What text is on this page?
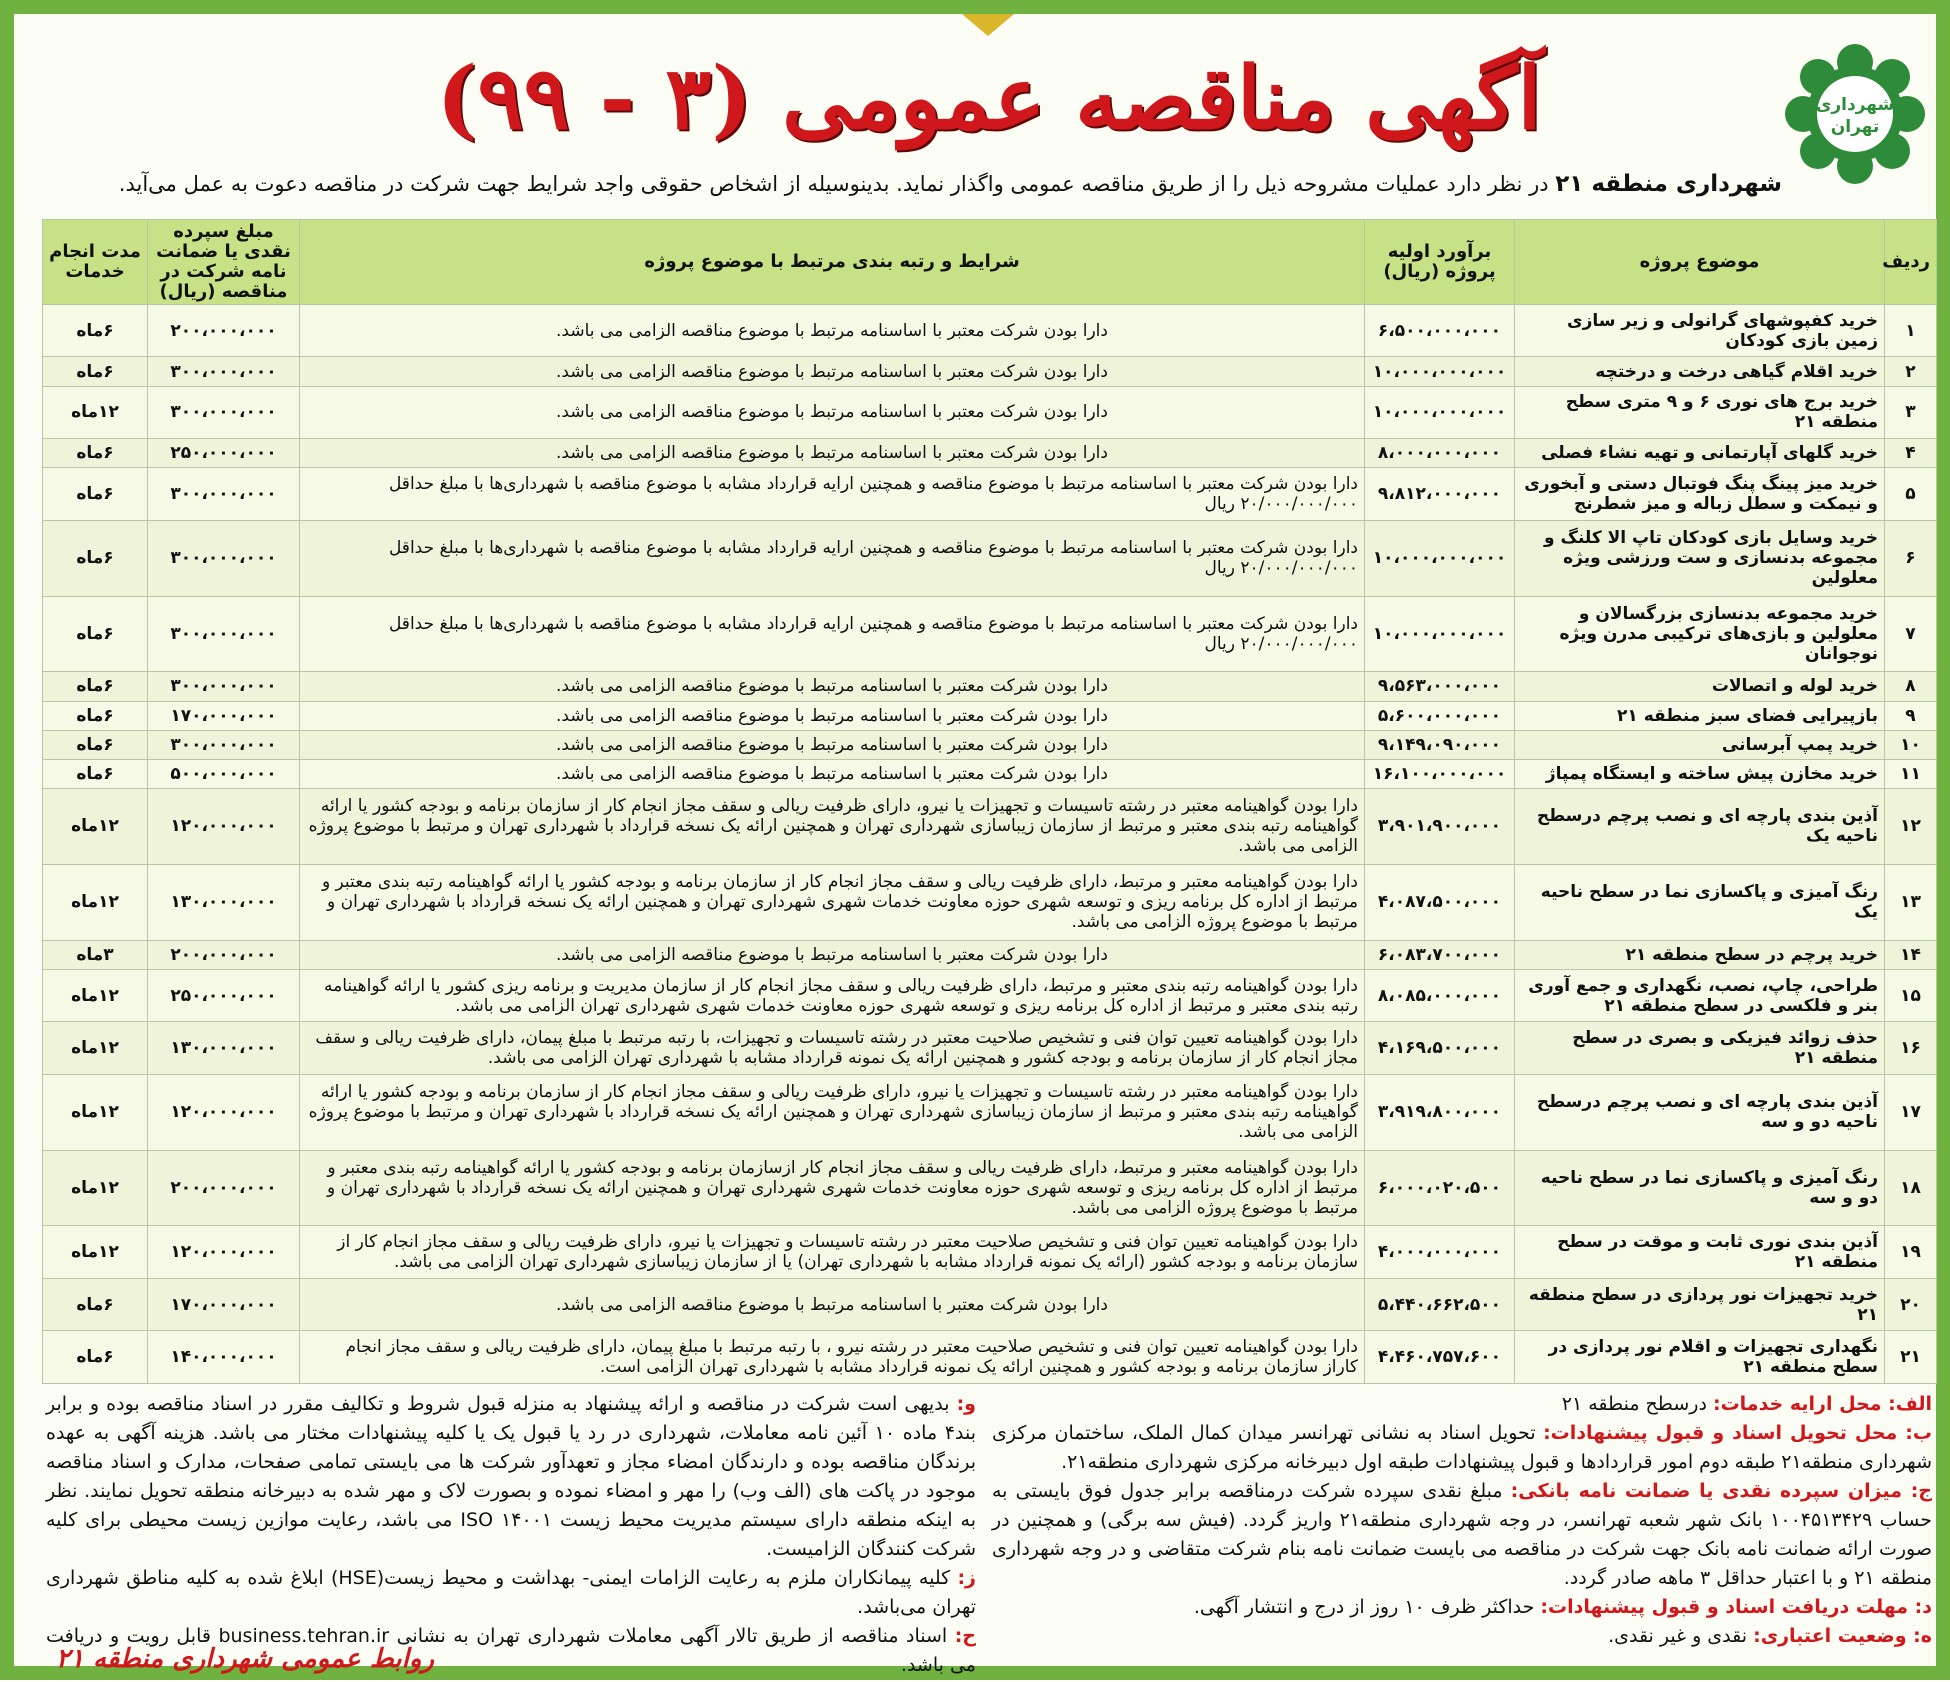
شهرداری
تهران
آگهی مناقصه عمومی (۳ - ۹۹)
شهرداری منطقه ۲۱ در نظر دارد عملیات مشروحه ذیل را از طریق مناقصه عمومی واگذار نماید. بدینوسیله از اشخاص حقوقی واجد شرایط جهت شرکت در مناقصه دعوت به عمل می‌آید.
ردیف	موضوع پروژه	برآورد اولیه پروژه (ریال)	شرایط و رتبه بندی مرتبط با موضوع پروژه	مبلغ سپرده نقدی یا ضمانت نامه شرکت در مناقصه (ریال)	مدت انجام خدمات
۱	خرید کفپوشهای گرانولی و زیر سازی زمین بازی کودکان	۶،۵۰۰،۰۰۰،۰۰۰	دارا بودن شرکت معتبر با اساسنامه مرتبط با موضوع مناقصه الزامی می باشد.	۲۰۰،۰۰۰،۰۰۰	۶ماه
۲	خرید اقلام گیاهی درخت و درختچه	۱۰،۰۰۰،۰۰۰،۰۰۰	دارا بودن شرکت معتبر با اساسنامه مرتبط با موضوع مناقصه الزامی می باشد.	۳۰۰،۰۰۰،۰۰۰	۶ماه
۳	خرید برج های نوری ۶ و ۹ متری سطح منطقه ۲۱	۱۰،۰۰۰،۰۰۰،۰۰۰	دارا بودن شرکت معتبر با اساسنامه مرتبط با موضوع مناقصه الزامی می باشد.	۳۰۰،۰۰۰،۰۰۰	۱۲ماه
۴	خرید گلهای آپارتمانی و تهیه نشاء فصلی	۸،۰۰۰،۰۰۰،۰۰۰	دارا بودن شرکت معتبر با اساسنامه مرتبط با موضوع مناقصه الزامی می باشد.	۲۵۰،۰۰۰،۰۰۰	۶ماه
۵	خرید میز پینگ پنگ فوتبال دستی و آبخوری و نیمکت و سطل زباله و میز شطرنج	۹،۸۱۲،۰۰۰،۰۰۰	دارا بودن شرکت معتبر با اساسنامه مرتبط با موضوع مناقصه و همچنین ارایه قرارداد مشابه با موضوع مناقصه با شهرداری‌ها با مبلغ حداقل ۲۰/۰۰۰/۰۰۰/۰۰۰ ریال	۳۰۰،۰۰۰،۰۰۰	۶ماه
۶	خرید وسایل بازی کودکان تاپ الا کلنگ و مجموعه بدنسازی و ست ورزشی ویژه معلولین	۱۰،۰۰۰،۰۰۰،۰۰۰	دارا بودن شرکت معتبر با اساسنامه مرتبط با موضوع مناقصه و همچنین ارایه قرارداد مشابه با موضوع مناقصه با شهرداری‌ها با مبلغ حداقل ۲۰/۰۰۰/۰۰۰/۰۰۰ ریال	۳۰۰،۰۰۰،۰۰۰	۶ماه
۷	خرید مجموعه بدنسازی بزرگسالان و معلولین و بازی‌های ترکیبی مدرن ویژه نوجوانان	۱۰،۰۰۰،۰۰۰،۰۰۰	دارا بودن شرکت معتبر با اساسنامه مرتبط با موضوع مناقصه و همچنین ارایه قرارداد مشابه با موضوع مناقصه با شهرداری‌ها با مبلغ حداقل ۲۰/۰۰۰/۰۰۰/۰۰۰ ریال	۳۰۰،۰۰۰،۰۰۰	۶ماه
۸	خرید لوله و اتصالات	۹،۵۶۳،۰۰۰،۰۰۰	دارا بودن شرکت معتبر با اساسنامه مرتبط با موضوع مناقصه الزامی می باشد.	۳۰۰،۰۰۰،۰۰۰	۶ماه
۹	بازپیرایی فضای سبز منطقه ۲۱	۵،۶۰۰،۰۰۰،۰۰۰	دارا بودن شرکت معتبر با اساسنامه مرتبط با موضوع مناقصه الزامی می باشد.	۱۷۰،۰۰۰،۰۰۰	۶ماه
۱۰	خرید پمپ آبرسانی	۹،۱۴۹،۰۹۰،۰۰۰	دارا بودن شرکت معتبر با اساسنامه مرتبط با موضوع مناقصه الزامی می باشد.	۳۰۰،۰۰۰،۰۰۰	۶ماه
۱۱	خرید مخازن پیش ساخته و ایستگاه پمپاژ	۱۶،۱۰۰،۰۰۰،۰۰۰	دارا بودن شرکت معتبر با اساسنامه مرتبط با موضوع مناقصه الزامی می باشد.	۵۰۰،۰۰۰،۰۰۰	۶ماه
۱۲	آذین بندی پارچه ای و نصب پرچم درسطح ناحیه یک	۳،۹۰۱،۹۰۰،۰۰۰	دارا بودن گواهینامه معتبر در رشته تاسیسات و تجهیزات یا نیرو، دارای ظرفیت ریالی و سقف مجاز انجام کار از سازمان برنامه و بودجه کشور یا ارائه گواهینامه رتبه بندی معتبر و مرتبط از سازمان زیباسازی شهرداری تهران و همچنین ارائه یک نسخه قرارداد با شهرداری تهران و مرتبط با موضوع پروژه الزامی می باشد.	۱۲۰،۰۰۰،۰۰۰	۱۲ماه
۱۳	رنگ آمیزی و پاکسازی نما در سطح ناحیه یک	۴،۰۸۷،۵۰۰،۰۰۰	دارا بودن گواهینامه معتبر و مرتبط، دارای ظرفیت ریالی و سقف مجاز انجام کار از سازمان برنامه و بودجه کشور یا ارائه گواهینامه رتبه بندی معتبر و مرتبط از اداره کل برنامه ریزی و توسعه شهری حوزه معاونت خدمات شهری شهرداری تهران و همچنین ارائه یک نسخه قرارداد با شهرداری تهران و مرتبط با موضوع پروژه الزامی می باشد.	۱۳۰،۰۰۰،۰۰۰	۱۲ماه
۱۴	خرید پرچم در سطح منطقه ۲۱	۶،۰۸۳،۷۰۰،۰۰۰	دارا بودن شرکت معتبر با اساسنامه مرتبط با موضوع مناقصه الزامی می باشد.	۲۰۰،۰۰۰،۰۰۰	۳ماه
۱۵	طراحی، چاپ، نصب، نگهداری و جمع آوری بنر و فلکسی در سطح منطقه ۲۱	۸،۰۸۵،۰۰۰،۰۰۰	دارا بودن گواهینامه رتبه بندی معتبر و مرتبط، دارای ظرفیت ریالی و سقف مجاز انجام کار از سازمان مدیریت و برنامه ریزی کشور یا ارائه گواهینامه رتبه بندی معتبر و مرتبط از اداره کل برنامه ریزی و توسعه شهری حوزه معاونت خدمات شهری شهرداری تهران الزامی می باشد.	۲۵۰،۰۰۰،۰۰۰	۱۲ماه
۱۶	حذف زوائد فیزیکی و بصری در سطح منطقه ۲۱	۴،۱۶۹،۵۰۰،۰۰۰	دارا بودن گواهینامه تعیین توان فنی و تشخیص صلاحیت معتبر در رشته تاسیسات و تجهیزات، با رتبه مرتبط با مبلغ پیمان، دارای ظرفیت ریالی و سقف مجاز انجام کار از سازمان برنامه و بودجه کشور و همچنین ارائه یک نمونه قرارداد مشابه با شهرداری تهران الزامی می باشد.	۱۳۰،۰۰۰،۰۰۰	۱۲ماه
۱۷	آذین بندی پارچه ای و نصب پرچم درسطح ناحیه دو و سه	۳،۹۱۹،۸۰۰،۰۰۰	دارا بودن گواهینامه معتبر در رشته تاسیسات و تجهیزات یا نیرو، دارای ظرفیت ریالی و سقف مجاز انجام کار از سازمان برنامه و بودجه کشور یا ارائه گواهینامه رتبه بندی معتبر و مرتبط از سازمان زیباسازی شهرداری تهران و همچنین ارائه یک نسخه قرارداد با شهرداری تهران و مرتبط با موضوع پروژه الزامی می باشد.	۱۲۰،۰۰۰،۰۰۰	۱۲ماه
۱۸	رنگ آمیزی و پاکسازی نما در سطح ناحیه دو و سه	۶،۰۰۰،۰۲۰،۵۰۰	دارا بودن گواهینامه معتبر و مرتبط، دارای ظرفیت ریالی و سقف مجاز انجام کار ازسازمان برنامه و بودجه کشور یا ارائه گواهینامه رتبه بندی معتبر و مرتبط از اداره کل برنامه ریزی و توسعه شهری حوزه معاونت خدمات شهری شهرداری تهران و همچنین ارائه یک نسخه قرارداد با شهرداری تهران و مرتبط با موضوع پروژه الزامی می باشد.	۲۰۰،۰۰۰،۰۰۰	۱۲ماه
۱۹	آذین بندی نوری ثابت و موقت در سطح منطقه ۲۱	۴،۰۰۰،۰۰۰،۰۰۰	دارا بودن گواهینامه تعیین توان فنی و تشخیص صلاحیت معتبر در رشته تاسیسات و تجهیزات یا نیرو، دارای ظرفیت ریالی و سقف مجاز انجام کار از سازمان برنامه و بودجه کشور (ارائه یک نمونه قرارداد مشابه با شهرداری تهران) یا از سازمان زیباسازی شهرداری تهران الزامی می باشد.	۱۲۰،۰۰۰،۰۰۰	۱۲ماه
۲۰	خرید تجهیزات نور پردازی در سطح منطقه ۲۱	۵،۴۴۰،۶۶۲،۵۰۰	دارا بودن شرکت معتبر با اساسنامه مرتبط با موضوع مناقصه الزامی می باشد.	۱۷۰،۰۰۰،۰۰۰	۶ماه
۲۱	نگهداری تجهیزات و اقلام نور پردازی در سطح منطقه ۲۱	۴،۴۶۰،۷۵۷،۶۰۰	دارا بودن گواهینامه تعیین توان فنی و تشخیص صلاحیت معتبر در رشته نیرو ، با رتبه مرتبط با مبلغ پیمان، دارای ظرفیت ریالی و سقف مجاز انجام کاراز سازمان برنامه و بودجه کشور و همچنین ارائه یک نمونه قرارداد مشابه با شهرداری تهران الزامی است.	۱۴۰،۰۰۰،۰۰۰	۶ماه
الف: محل ارایه خدمات: درسطح منطقه ۲۱
ب: محل تحویل اسناد و قبول پیشنهادات: تحویل اسناد به نشانی تهرانسر میدان کمال الملک، ساختمان مرکزی شهرداری منطقه۲۱ طبقه دوم امور قراردادها و قبول پیشنهادات طبقه اول دبیرخانه مرکزی شهرداری منطقه۲۱.
ج: میزان سپرده نقدی یا ضمانت نامه بانکی: مبلغ نقدی سپرده شرکت درمناقصه برابر جدول فوق بایستی به حساب ۱۰۰۴۵۱۳۴۲۹ بانک شهر شعبه تهرانسر، در وجه شهرداری منطقه۲۱ واریز گردد. (فیش سه برگی) و همچنین در صورت ارائه ضمانت نامه بانک جهت شرکت در مناقصه می بایست ضمانت نامه بنام شرکت متقاضی و در وجه شهرداری منطقه ۲۱ و با اعتبار حداقل ۳ ماهه صادر گردد.
د: مهلت دریافت اسناد و قبول پیشنهادات: حداکثر ظرف ۱۰ روز از درج و انتشار آگهی.
ه: وضعیت اعتباری: نقدی و غیر نقدی.
و: بدیهی است شرکت در مناقصه و ارائه پیشنهاد به منزله قبول شروط و تکالیف مقرر در اسناد مناقصه بوده و برابر بند۴ ماده ۱۰ آئین نامه معاملات، شهرداری در رد یا قبول یک یا کلیه پیشنهادات مختار می باشد. هزینه آگهی به عهده برندگان مناقصه بوده و دارندگان امضاء مجاز و تعهدآور شرکت ها می بایستی تمامی صفحات، مدارک و اسناد مناقصه موجود در پاکت های (الف وب) را مهر و امضاء نموده و بصورت لاک و مهر شده به دبیرخانه منطقه تحویل نمایند. نظر به اینکه منطقه دارای سیستم مدیریت محیط زیست ۱۴۰۰۱ ISO می باشد، رعایت موازین زیست محیطی برای کلیه شرکت کنندگان الزامیست.
ز: کلیه پیمانکاران ملزم به رعایت الزامات ایمنی- بهداشت و محیط زیست(HSE) ابلاغ شده به کلیه مناطق شهرداری تهران می‌باشد.
ح: اسناد مناقصه از طریق تالار آگهی معاملات شهرداری تهران به نشانی business.tehran.ir قابل رویت و دریافت می باشد.
روابط عمومی شهرداری منطقه ۲۱
